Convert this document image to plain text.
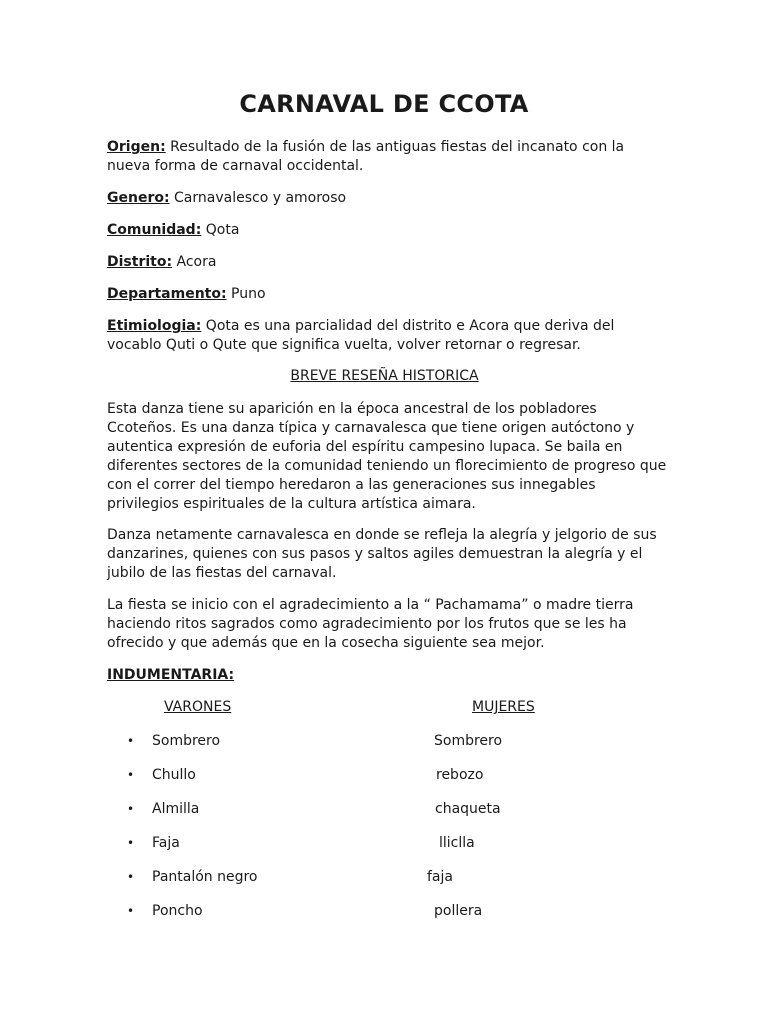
CARNAVAL DE CCOTA

Origen: Resultado de la fusión de las antiguas fiestas del incanato con la nueva forma de carnaval occidental.

Genero: Carnavalesco y amoroso

Comunidad: Qota

Distrito: Acora

Departamento: Puno

Etimiologia: Qota es una parcialidad del distrito e Acora que deriva del vocablo Quti o Qute que significa vuelta, volver retornar o regresar.

BREVE RESEÑA HISTORICA

Esta danza tiene su aparición en la época ancestral de los pobladores Ccoteños. Es una danza típica y carnavalesca que tiene origen autóctono y autentica expresión de euforia del espíritu campesino lupaca. Se baila en diferentes sectores de la comunidad teniendo un florecimiento de progreso que con el correr del tiempo heredaron a las generaciones sus innegables privilegios espirituales de la cultura artística aimara.

Danza netamente carnavalesca en donde se refleja la alegría y jelgorio de sus danzarines, quienes con sus pasos y saltos agiles demuestran la alegría y el jubilo de las fiestas del carnaval.

La fiesta se inicio con el agradecimiento a la “ Pachamama” o madre tierra haciendo ritos sagrados como agradecimiento por los frutos que se les ha ofrecido y que además que en la cosecha siguiente sea mejor.

INDUMENTARIA:

VARONES	MUJERES

• Sombrero	Sombrero
• Chullo	rebozo
• Almilla	chaqueta
• Faja	lliclla
• Pantalón negro	faja
• Poncho	pollera
